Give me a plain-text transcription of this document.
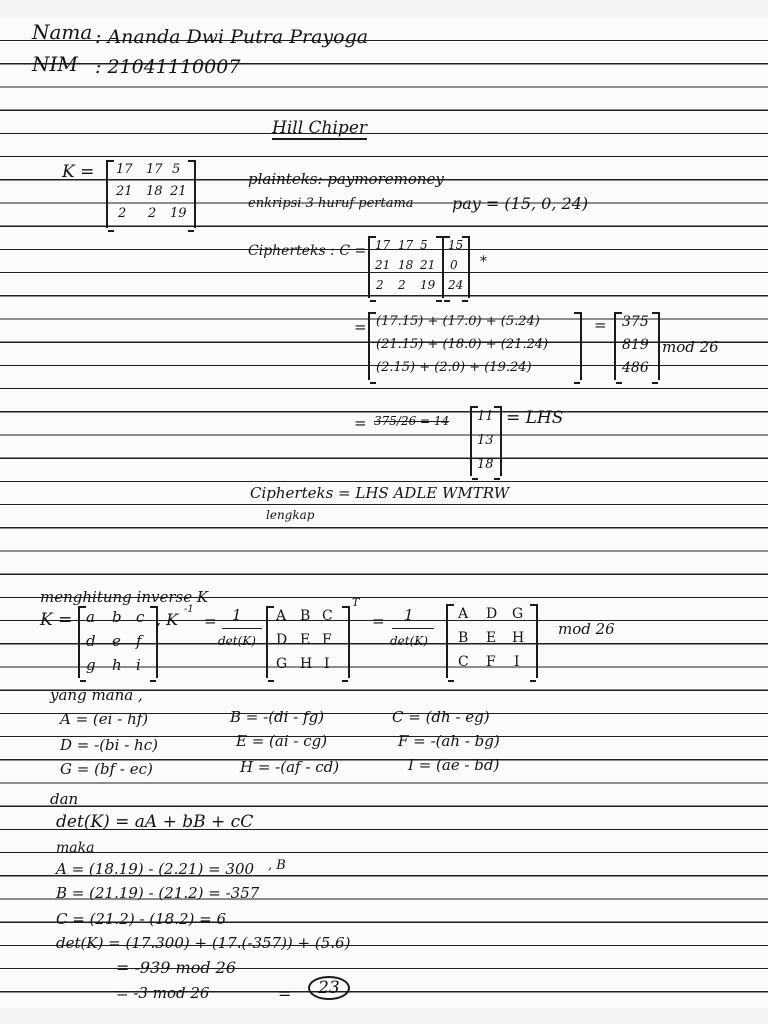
Nama : Ananda Dwi Putra Prayoga
NIM : 21041110007
Hill Chiper
K = 17 17 5
21 18 21
2 2 19
plainteks: paymoremoney
enkripsi 3 huruf pertama pay = (15, 0, 24)
Cipherteks : C = 17 17 5
21 18 21
2 2 19
15
0
24
*
= (17.15) + (17.0) + (5.24)
(21.15) + (18.0) + (21.24)
(2.15) + (2.0) + (19.24)
= 375
819
486
mod 26
= 375/26 = 14 11
13
18
= LHS
Cipherteks = LHS ADLE WMTRW
lengkap
menghitung inverse K
K = a b c
d e f
g h i
, K
-1
= 1
det(K)
A B C
D E F
G H I
T
= 1
det(K)
A D G
B E H
C F I
mod 26
yang mana ,
A = (ei - hf)	B = -(di - fg)	C = (dh - eg)
D = -(bi - hc)	E = (ai - cg)	F = -(ah - bg)
G = (bf - ec)	H = -(af - cd)	I = (ae - bd)
dan
det(K) = aA + bB + cC
maka
A = (18.19) - (2.21) = 300 , B
B = (21.19) - (21.2) = -357
C = (21.2) - (18.2) = 6
det(K) = (17.300) + (17.(-357)) + (5.6)
= -939 mod 26
= -3 mod 26	=	23
